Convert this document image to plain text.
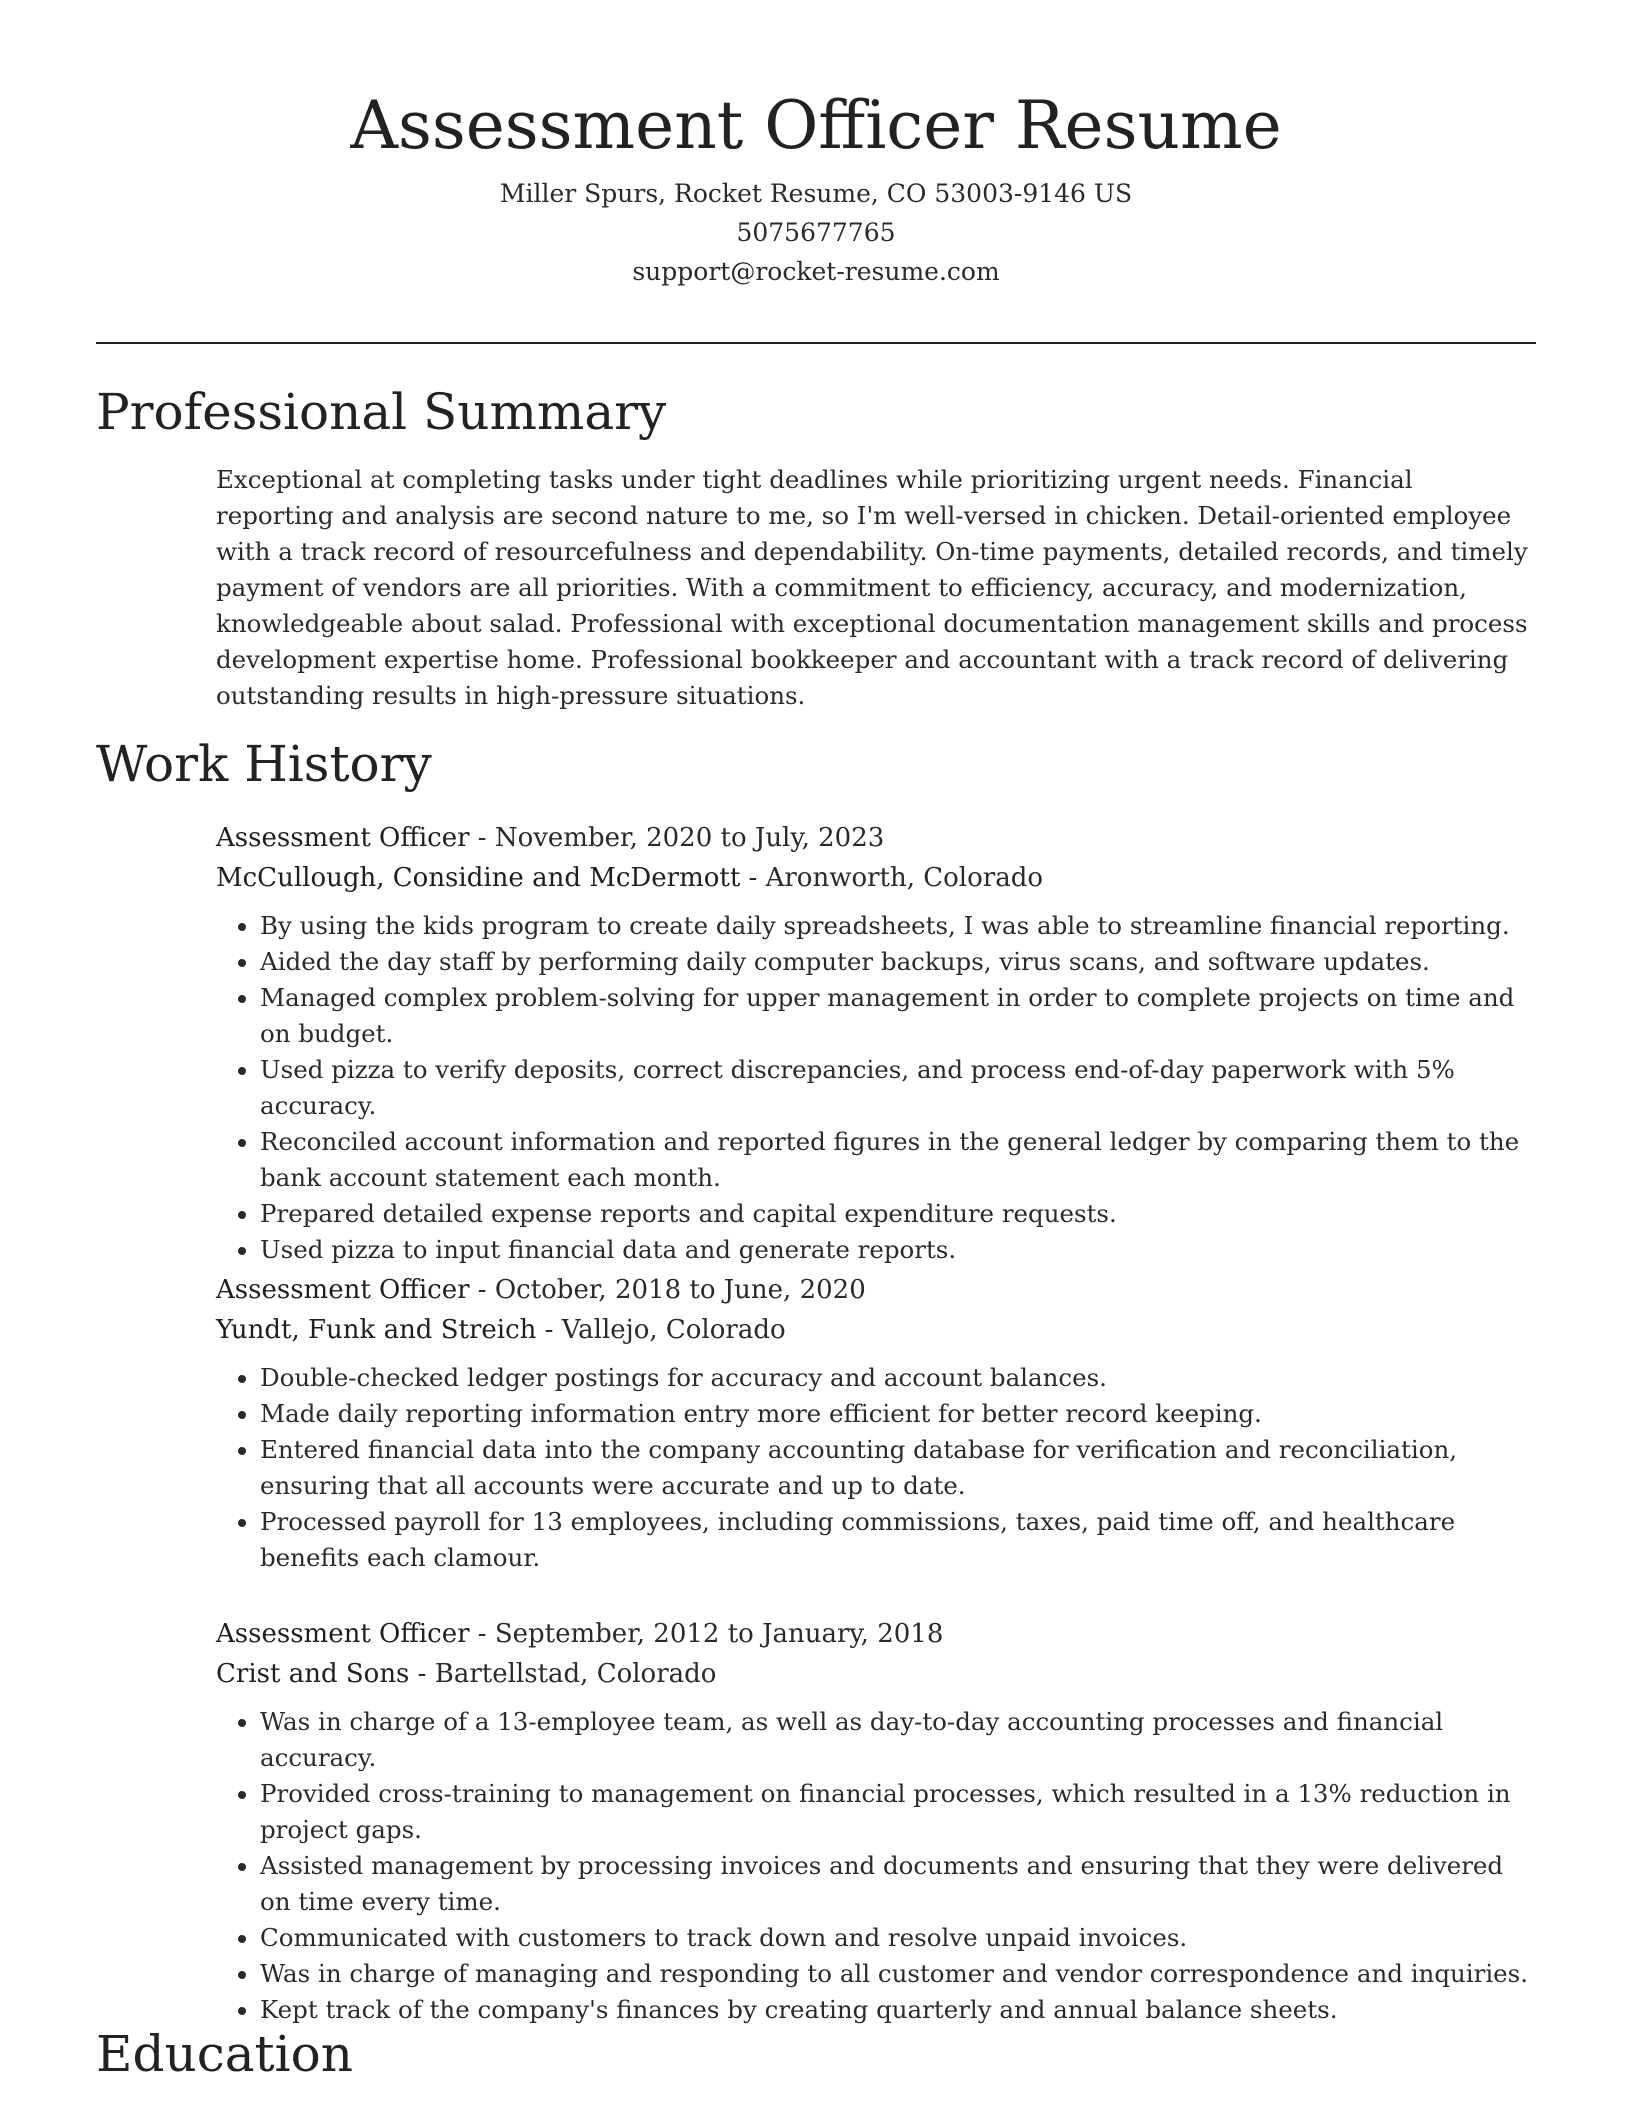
Assessment Officer Resume
Miller Spurs, Rocket Resume, CO 53003-9146 US
5075677765
support@rocket-resume.com
Professional Summary

Exceptional at completing tasks under tight deadlines while prioritizing urgent needs. Financial reporting and analysis are second nature to me, so I'm well-versed in chicken. Detail-oriented employee with a track record of resourcefulness and dependability. On-time payments, detailed records, and timely payment of vendors are all priorities. With a commitment to efficiency, accuracy, and modernization, knowledgeable about salad. Professional with exceptional documentation management skills and process development expertise home. Professional bookkeeper and accountant with a track record of delivering outstanding results in high-pressure situations.

Work History
Assessment Officer - November, 2020 to July, 2023
McCullough, Considine and McDermott - Aronworth, Colorado
• By using the kids program to create daily spreadsheets, I was able to streamline financial reporting.
• Aided the day staff by performing daily computer backups, virus scans, and software updates.
• Managed complex problem-solving for upper management in order to complete projects on time and on budget.
• Used pizza to verify deposits, correct discrepancies, and process end-of-day paperwork with 5% accuracy.
• Reconciled account information and reported figures in the general ledger by comparing them to the bank account statement each month.
• Prepared detailed expense reports and capital expenditure requests.
• Used pizza to input financial data and generate reports.
Assessment Officer - October, 2018 to June, 2020
Yundt, Funk and Streich - Vallejo, Colorado
• Double-checked ledger postings for accuracy and account balances.
• Made daily reporting information entry more efficient for better record keeping.
• Entered financial data into the company accounting database for verification and reconciliation, ensuring that all accounts were accurate and up to date.
• Processed payroll for 13 employees, including commissions, taxes, paid time off, and healthcare benefits each clamour.
Assessment Officer - September, 2012 to January, 2018
Crist and Sons - Bartellstad, Colorado
• Was in charge of a 13-employee team, as well as day-to-day accounting processes and financial accuracy.
• Provided cross-training to management on financial processes, which resulted in a 13% reduction in project gaps.
• Assisted management by processing invoices and documents and ensuring that they were delivered on time every time.
• Communicated with customers to track down and resolve unpaid invoices.
• Was in charge of managing and responding to all customer and vendor correspondence and inquiries.
• Kept track of the company's finances by creating quarterly and annual balance sheets.
Education
